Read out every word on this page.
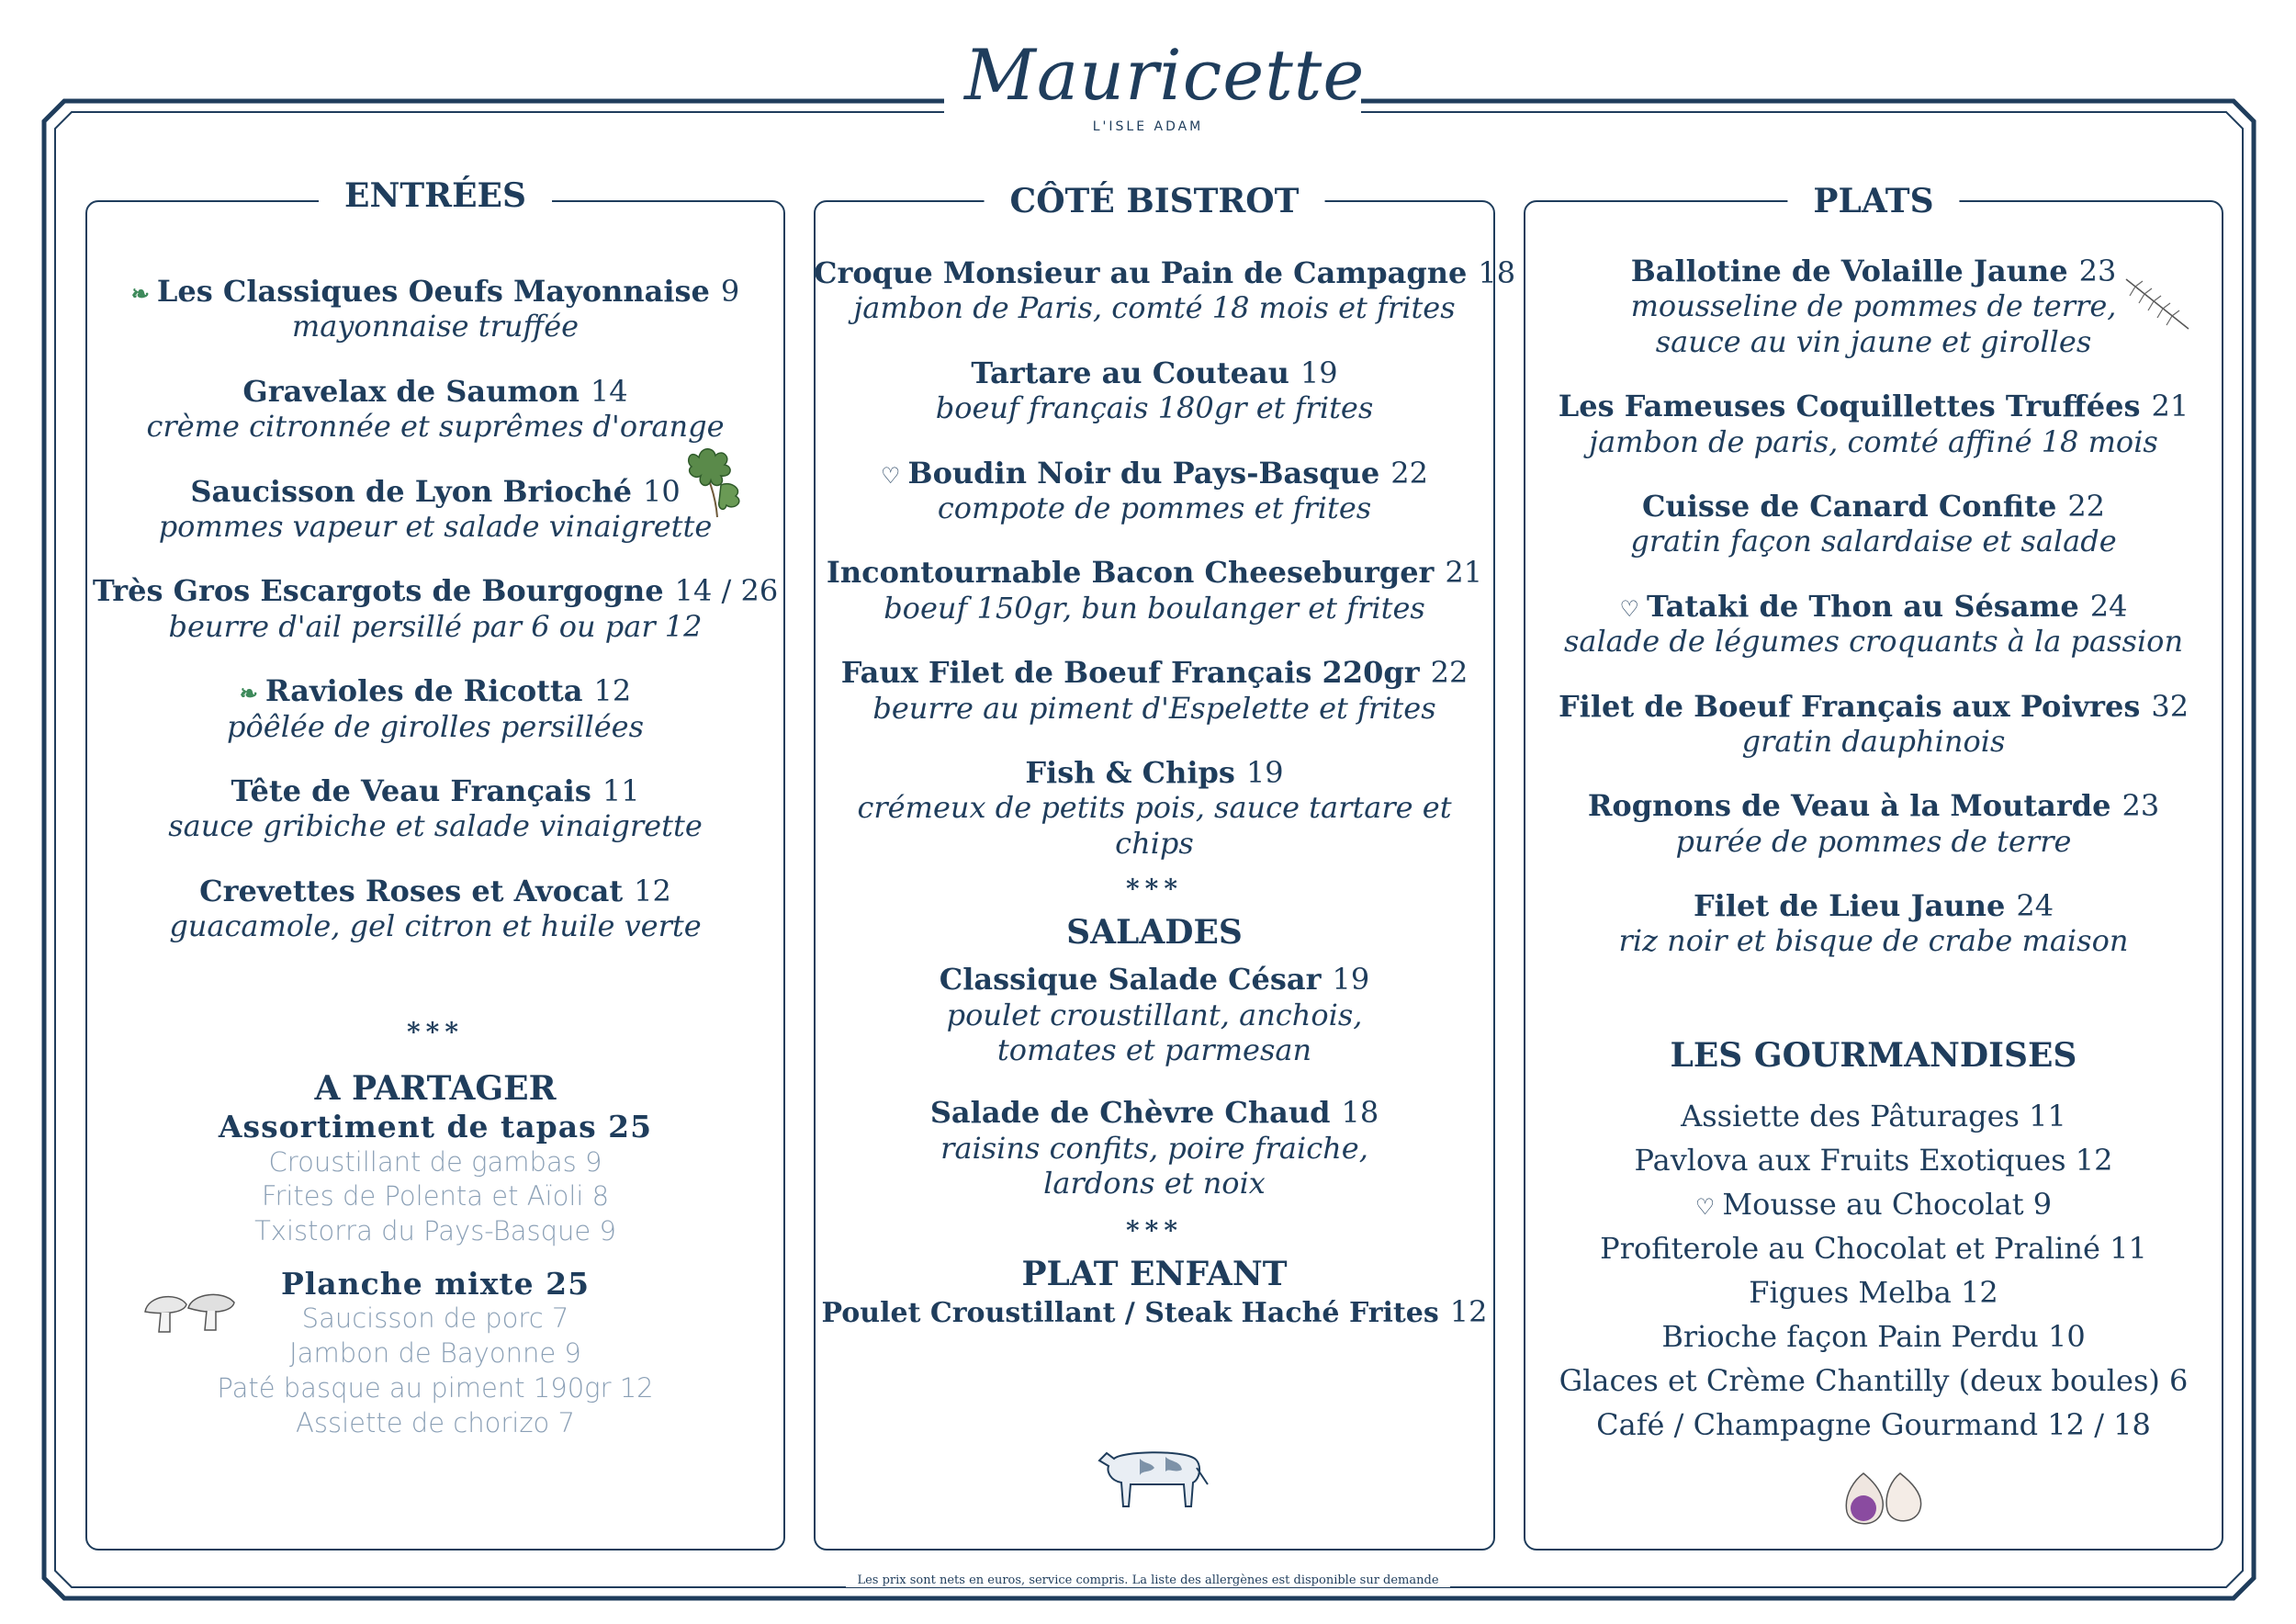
Mauricette
L'ISLE ADAM
ENTRÉES
❧ Les Classiques Oeufs Mayonnaise 9
mayonnaise truffée
Gravelax de Saumon 14
crème citronnée et suprêmes d'orange
Saucisson de Lyon Brioché 10
pommes vapeur et salade vinaigrette
Très Gros Escargots de Bourgogne 14 / 26
beurre d'ail persillé par 6 ou par 12
❧ Ravioles de Ricotta 12
pôêlée de girolles persillées
Tête de Veau Français 11
sauce gribiche et salade vinaigrette
Crevettes Roses et Avocat 12
guacamole, gel citron et huile verte
***
A PARTAGER
Assortiment de tapas 25
Croustillant de gambas 9
Frites de Polenta et Aïoli 8
Txistorra du Pays-Basque 9
Planche mixte 25
Saucisson de porc 7
Jambon de Bayonne 9
Paté basque au piment 190gr 12
Assiette de chorizo 7
CÔTÉ BISTROT
Croque Monsieur au Pain de Campagne 18
jambon de Paris, comté 18 mois et frites
Tartare au Couteau 19
boeuf français 180gr et frites
♡ Boudin Noir du Pays-Basque 22
compote de pommes et frites
Incontournable Bacon Cheeseburger 21
boeuf 150gr, bun boulanger et frites
Faux Filet de Boeuf Français 220gr 22
beurre au piment d'Espelette et frites
Fish & Chips 19
crémeux de petits pois, sauce tartare et chips
***
SALADES
Classique Salade César 19
poulet croustillant, anchois,
tomates et parmesan
Salade de Chèvre Chaud 18
raisins confits, poire fraiche,
lardons et noix
***
PLAT ENFANT
Poulet Croustillant / Steak Haché Frites 12
PLATS
Ballotine de Volaille Jaune 23
mousseline de pommes de terre,
sauce au vin jaune et girolles
Les Fameuses Coquillettes Truffées 21
jambon de paris, comté affiné 18 mois
Cuisse de Canard Confite 22
gratin façon salardaise et salade
♡ Tataki de Thon au Sésame 24
salade de légumes croquants à la passion
Filet de Boeuf Français aux Poivres 32
gratin dauphinois
Rognons de Veau à la Moutarde 23
purée de pommes de terre
Filet de Lieu Jaune 24
riz noir et bisque de crabe maison
LES GOURMANDISES
Assiette des Pâturages 11
Pavlova aux Fruits Exotiques 12
♡ Mousse au Chocolat 9
Profiterole au Chocolat et Praliné 11
Figues Melba 12
Brioche façon Pain Perdu 10
Glaces et Crème Chantilly (deux boules) 6
Café / Champagne Gourmand 12 / 18
Les prix sont nets en euros, service compris. La liste des allergènes est disponible sur demande
